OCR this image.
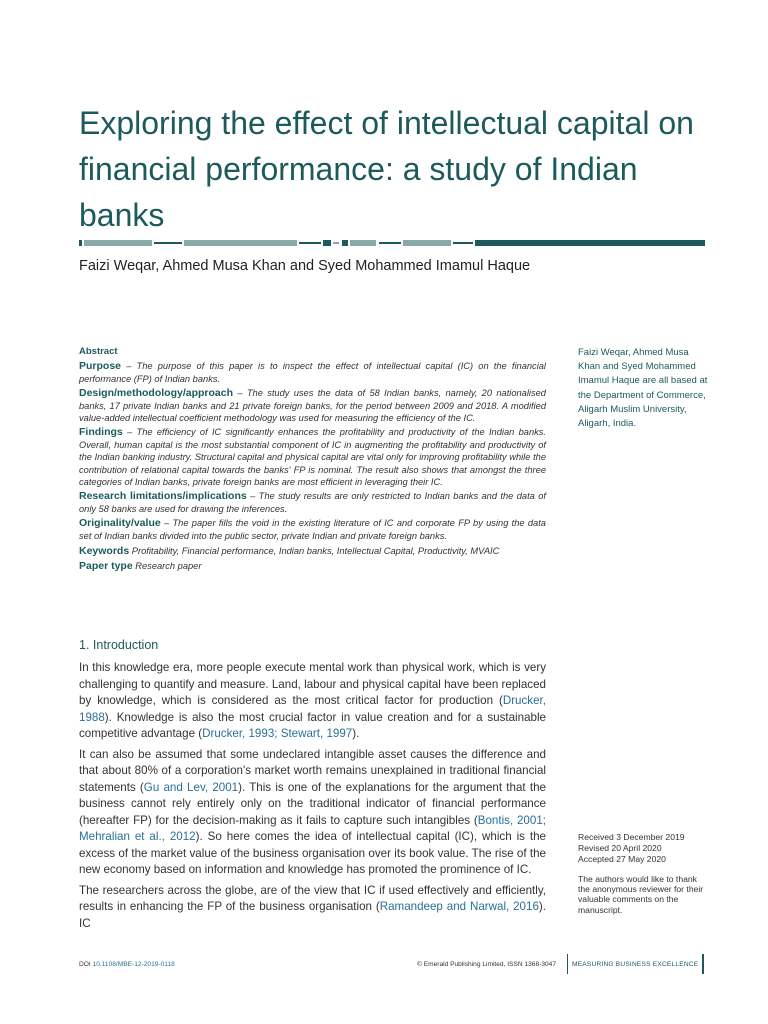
Exploring the effect of intellectual capital on financial performance: a study of Indian banks
Faizi Weqar, Ahmed Musa Khan and Syed Mohammed Imamul Haque
Abstract
Purpose – The purpose of this paper is to inspect the effect of intellectual capital (IC) on the financial performance (FP) of Indian banks.
Design/methodology/approach – The study uses the data of 58 Indian banks, namely, 20 nationalised banks, 17 private Indian banks and 21 private foreign banks, for the period between 2009 and 2018. A modified value-added intellectual coefficient methodology was used for measuring the efficiency of the IC.
Findings – The efficiency of IC significantly enhances the profitability and productivity of the Indian banks. Overall, human capital is the most substantial component of IC in augmenting the profitability and productivity of the Indian banking industry. Structural capital and physical capital are vital only for improving profitability while the contribution of relational capital towards the banks' FP is nominal. The result also shows that amongst the three categories of Indian banks, private foreign banks are most efficient in leveraging their IC.
Research limitations/implications – The study results are only restricted to Indian banks and the data of only 58 banks are used for drawing the inferences.
Originality/value – The paper fills the void in the existing literature of IC and corporate FP by using the data set of Indian banks divided into the public sector, private Indian and private foreign banks.
Keywords Profitability, Financial performance, Indian banks, Intellectual Capital, Productivity, MVAIC
Paper type Research paper
Faizi Weqar, Ahmed Musa Khan and Syed Mohammed Imamul Haque are all based at the Department of Commerce, Aligarh Muslim University, Aligarh, India.
1. Introduction

In this knowledge era, more people execute mental work than physical work, which is very challenging to quantify and measure. Land, labour and physical capital have been replaced by knowledge, which is considered as the most critical factor for production (Drucker, 1988). Knowledge is also the most crucial factor in value creation and for a sustainable competitive advantage (Drucker, 1993; Stewart, 1997).

It can also be assumed that some undeclared intangible asset causes the difference and that about 80% of a corporation's market worth remains unexplained in traditional financial statements (Gu and Lev, 2001). This is one of the explanations for the argument that the business cannot rely entirely only on the traditional indicator of financial performance (hereafter FP) for the decision-making as it fails to capture such intangibles (Bontis, 2001; Mehralian et al., 2012). So here comes the idea of intellectual capital (IC), which is the excess of the market value of the business organisation over its book value. The rise of the new economy based on information and knowledge has promoted the prominence of IC.

The researchers across the globe, are of the view that IC if used effectively and efficiently, results in enhancing the FP of the business organisation (Ramandeep and Narwal, 2016). IC

Received 3 December 2019
Revised 20 April 2020
Accepted 27 May 2020
The authors would like to thank the anonymous reviewer for their valuable comments on the manuscript.
DOI 10.1108/MBE-12-2019-0118	© Emerald Publishing Limited, ISSN 1368-3047 MEASURING BUSINESS EXCELLENCE
